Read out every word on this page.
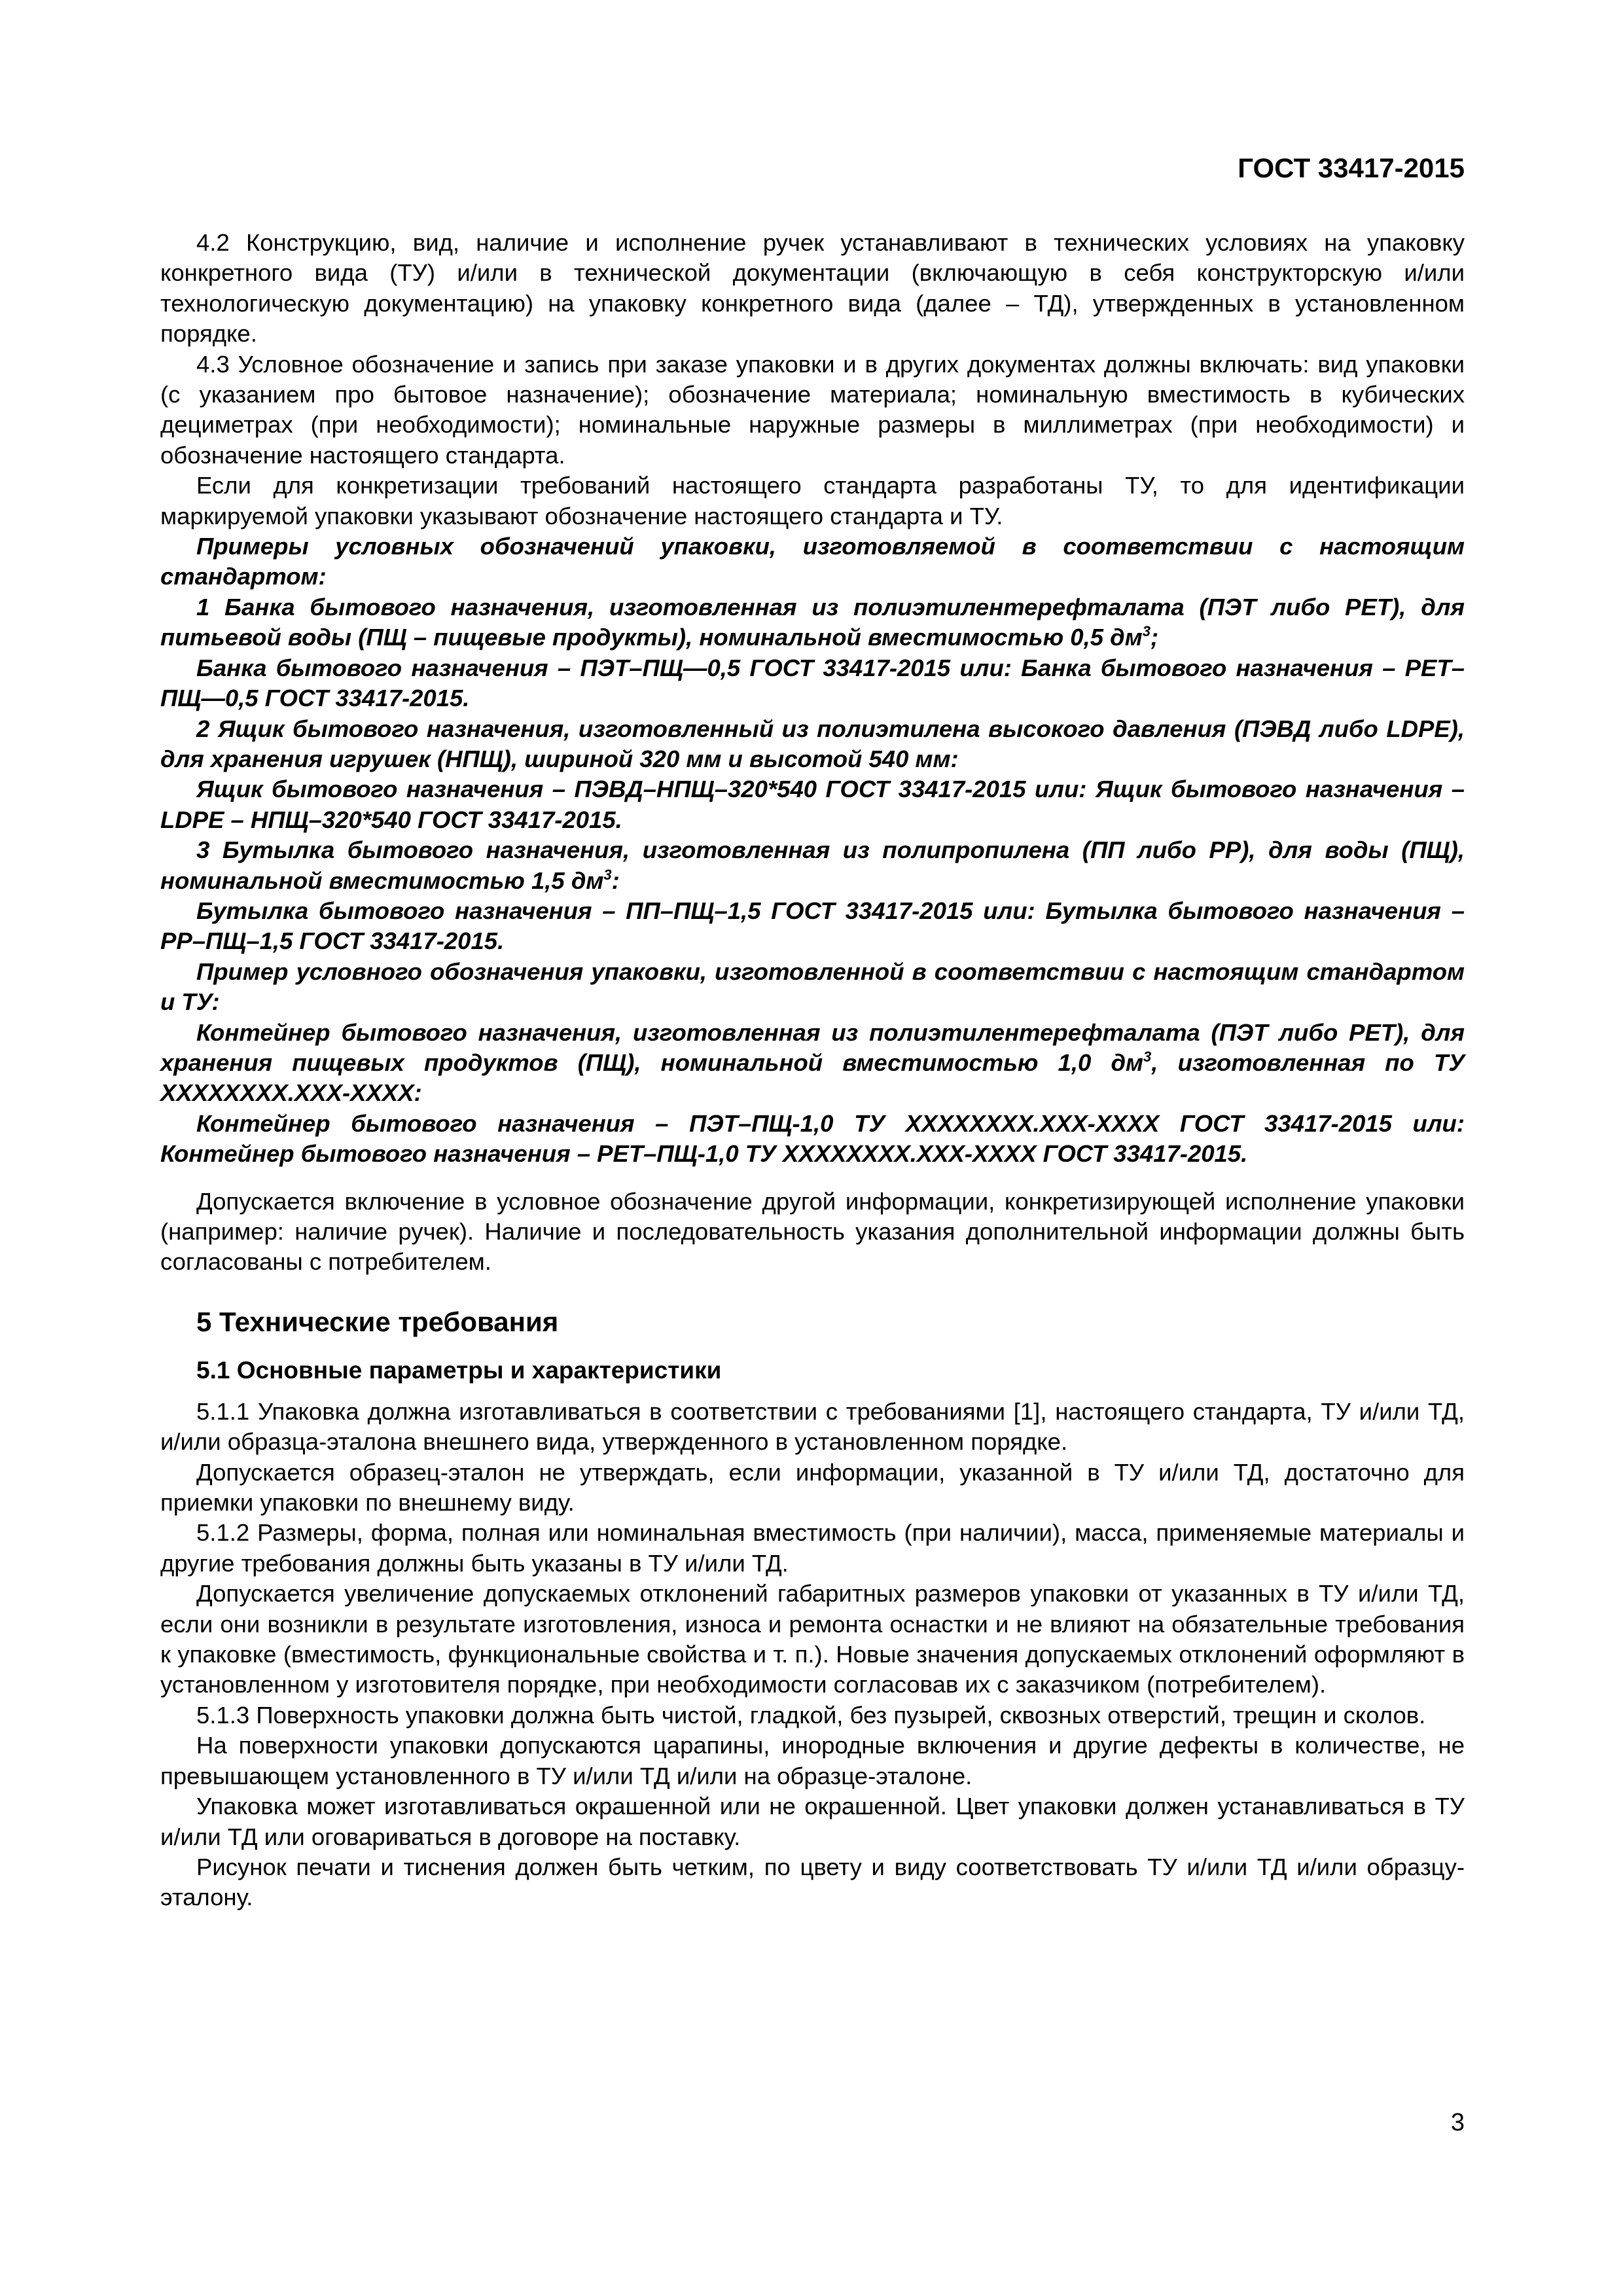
ГОСТ 33417-2015

4.2 Конструкцию, вид, наличие и исполнение ручек устанавливают в технических условиях на упаковку конкретного вида (ТУ) и/или в технической документации (включающую в себя конструкторскую и/или технологическую документацию) на упаковку конкретного вида (далее – ТД), утвержденных в установленном порядке.

4.3 Условное обозначение и запись при заказе упаковки и в других документах должны включать: вид упаковки (с указанием про бытовое назначение); обозначение материала; номинальную вместимость в кубических дециметрах (при необходимости); номинальные наружные размеры в миллиметрах (при необходимости) и обозначение настоящего стандарта.

Если для конкретизации требований настоящего стандарта разработаны ТУ, то для идентификации маркируемой упаковки указывают обозначение настоящего стандарта и ТУ.

Примеры условных обозначений упаковки, изготовляемой в соответствии с настоящим стандартом:

1 Банка бытового назначения, изготовленная из полиэтилентерефталата (ПЭТ либо PET), для питьевой воды (ПЩ – пищевые продукты), номинальной вместимостью 0,5 $дм^3$;

Банка бытового назначения – ПЭТ–ПЩ—0,5 ГОСТ 33417-2015 или: Банка бытового назначения – РЕТ–ПЩ—0,5 ГОСТ 33417-2015.

2 Ящик бытового назначения, изготовленный из полиэтилена высокого давления (ПЭВД либо LDPE), для хранения игрушек (НПЩ), шириной 320 мм и высотой 540 мм:

Ящик бытового назначения – ПЭВД–НПЩ–320*540 ГОСТ 33417-2015 или: Ящик бытового назначения – LDPE – НПЩ–320*540 ГОСТ 33417-2015.

3 Бутылка бытового назначения, изготовленная из полипропилена (ПП либо PP), для воды (ПЩ), номинальной вместимостью 1,5 $дм^3$:

Бутылка бытового назначения – ПП–ПЩ–1,5 ГОСТ 33417-2015 или: Бутылка бытового назначения – PP–ПЩ–1,5 ГОСТ 33417-2015.

Пример условного обозначения упаковки, изготовленной в соответствии с настоящим стандартом и ТУ:

Контейнер бытового назначения, изготовленная из полиэтилентерефталата (ПЭТ либо РЕТ), для хранения пищевых продуктов (ПЩ), номинальной вместимостью 1,0 $дм^3$, изготовленная по ТУ ХХХХХХХХ.ХХХ-ХХХХ:

Контейнер бытового назначения – ПЭТ–ПЩ-1,0 ТУ ХХХХХХХХ.ХХХ-ХХХХ ГОСТ 33417-2015 или: Контейнер бытового назначения – PET–ПЩ-1,0 ТУ ХХХХХХХХ.ХХХ-ХХХХ ГОСТ 33417-2015.

Допускается включение в условное обозначение другой информации, конкретизирующей исполнение упаковки (например: наличие ручек). Наличие и последовательность указания дополнительной информации должны быть согласованы с потребителем.

5 Технические требования
5.1 Основные параметры и характеристики

5.1.1 Упаковка должна изготавливаться в соответствии с требованиями [1], настоящего стандарта, ТУ и/или ТД, и/или образца-эталона внешнего вида, утвержденного в установленном порядке.

Допускается образец-эталон не утверждать, если информации, указанной в ТУ и/или ТД, достаточно для приемки упаковки по внешнему виду.

5.1.2 Размеры, форма, полная или номинальная вместимость (при наличии), масса, применяемые материалы и другие требования должны быть указаны в ТУ и/или ТД.

Допускается увеличение допускаемых отклонений габаритных размеров упаковки от указанных в ТУ и/или ТД, если они возникли в результате изготовления, износа и ремонта оснастки и не влияют на обязательные требования к упаковке (вместимость, функциональные свойства и т. п.). Новые значения допускаемых отклонений оформляют в установленном у изготовителя порядке, при необходимости согласовав их с заказчиком (потребителем).

5.1.3 Поверхность упаковки должна быть чистой, гладкой, без пузырей, сквозных отверстий, трещин и сколов.

На поверхности упаковки допускаются царапины, инородные включения и другие дефекты в количестве, не превышающем установленного в ТУ и/или ТД и/или на образце-эталоне.

Упаковка может изготавливаться окрашенной или не окрашенной. Цвет упаковки должен устанавливаться в ТУ и/или ТД или оговариваться в договоре на поставку.

Рисунок печати и тиснения должен быть четким, по цвету и виду соответствовать ТУ и/или ТД и/или образцу-эталону.

3
